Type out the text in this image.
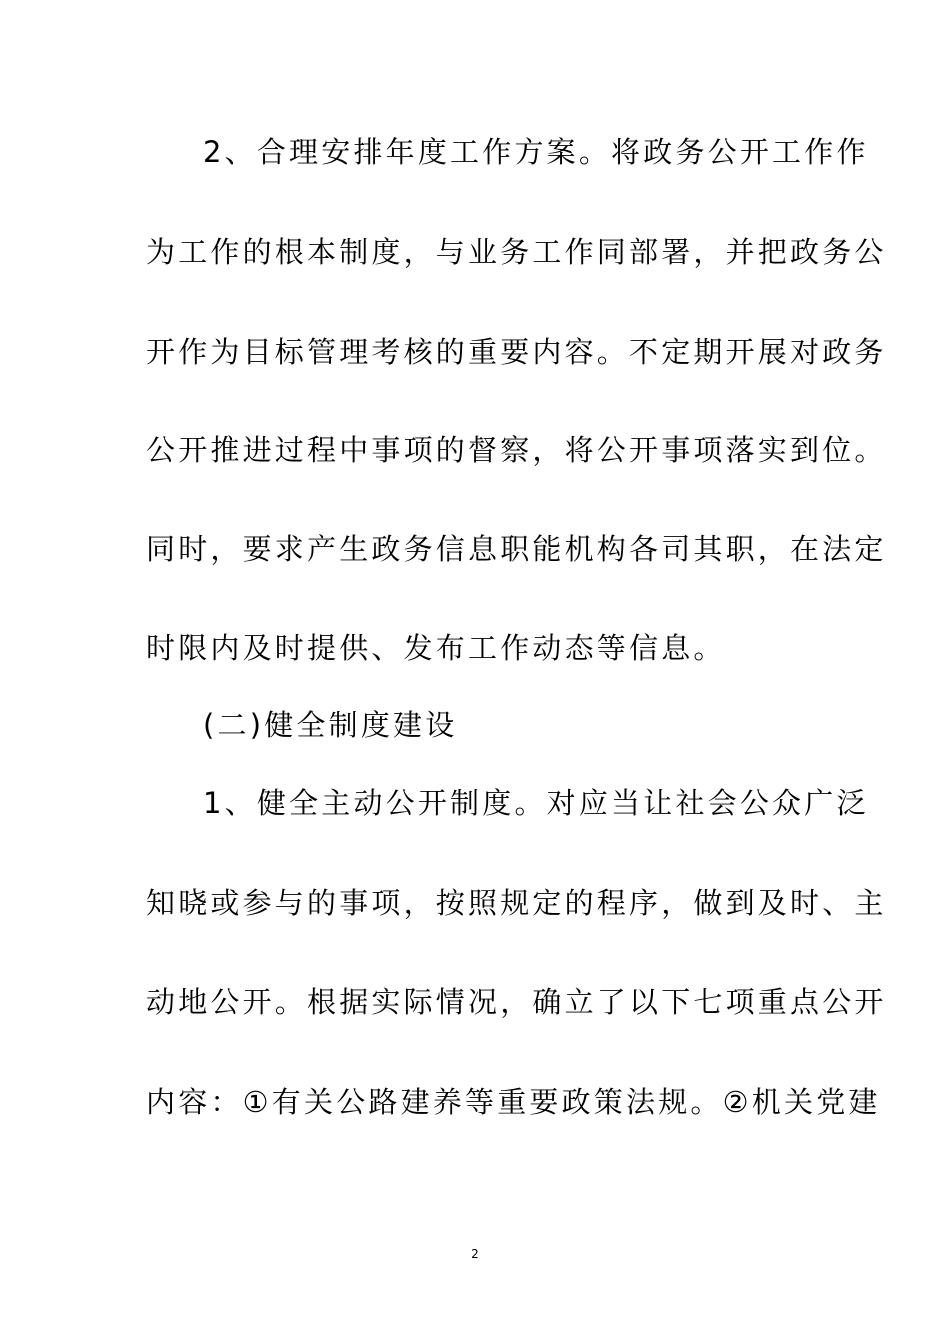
2、合理安排年度工作方案。将政务公开工作作
为工作的根本制度，与业务工作同部署，并把政务公
开作为目标管理考核的重要内容。不定期开展对政务
公开推进过程中事项的督察，将公开事项落实到位。
同时，要求产生政务信息职能机构各司其职，在法定
时限内及时提供、发布工作动态等信息。
(二)健全制度建设
1、健全主动公开制度。对应当让社会公众广泛
知晓或参与的事项，按照规定的程序，做到及时、主
动地公开。根据实际情况，确立了以下七项重点公开
内容：①有关公路建养等重要政策法规。②机关党建
2
